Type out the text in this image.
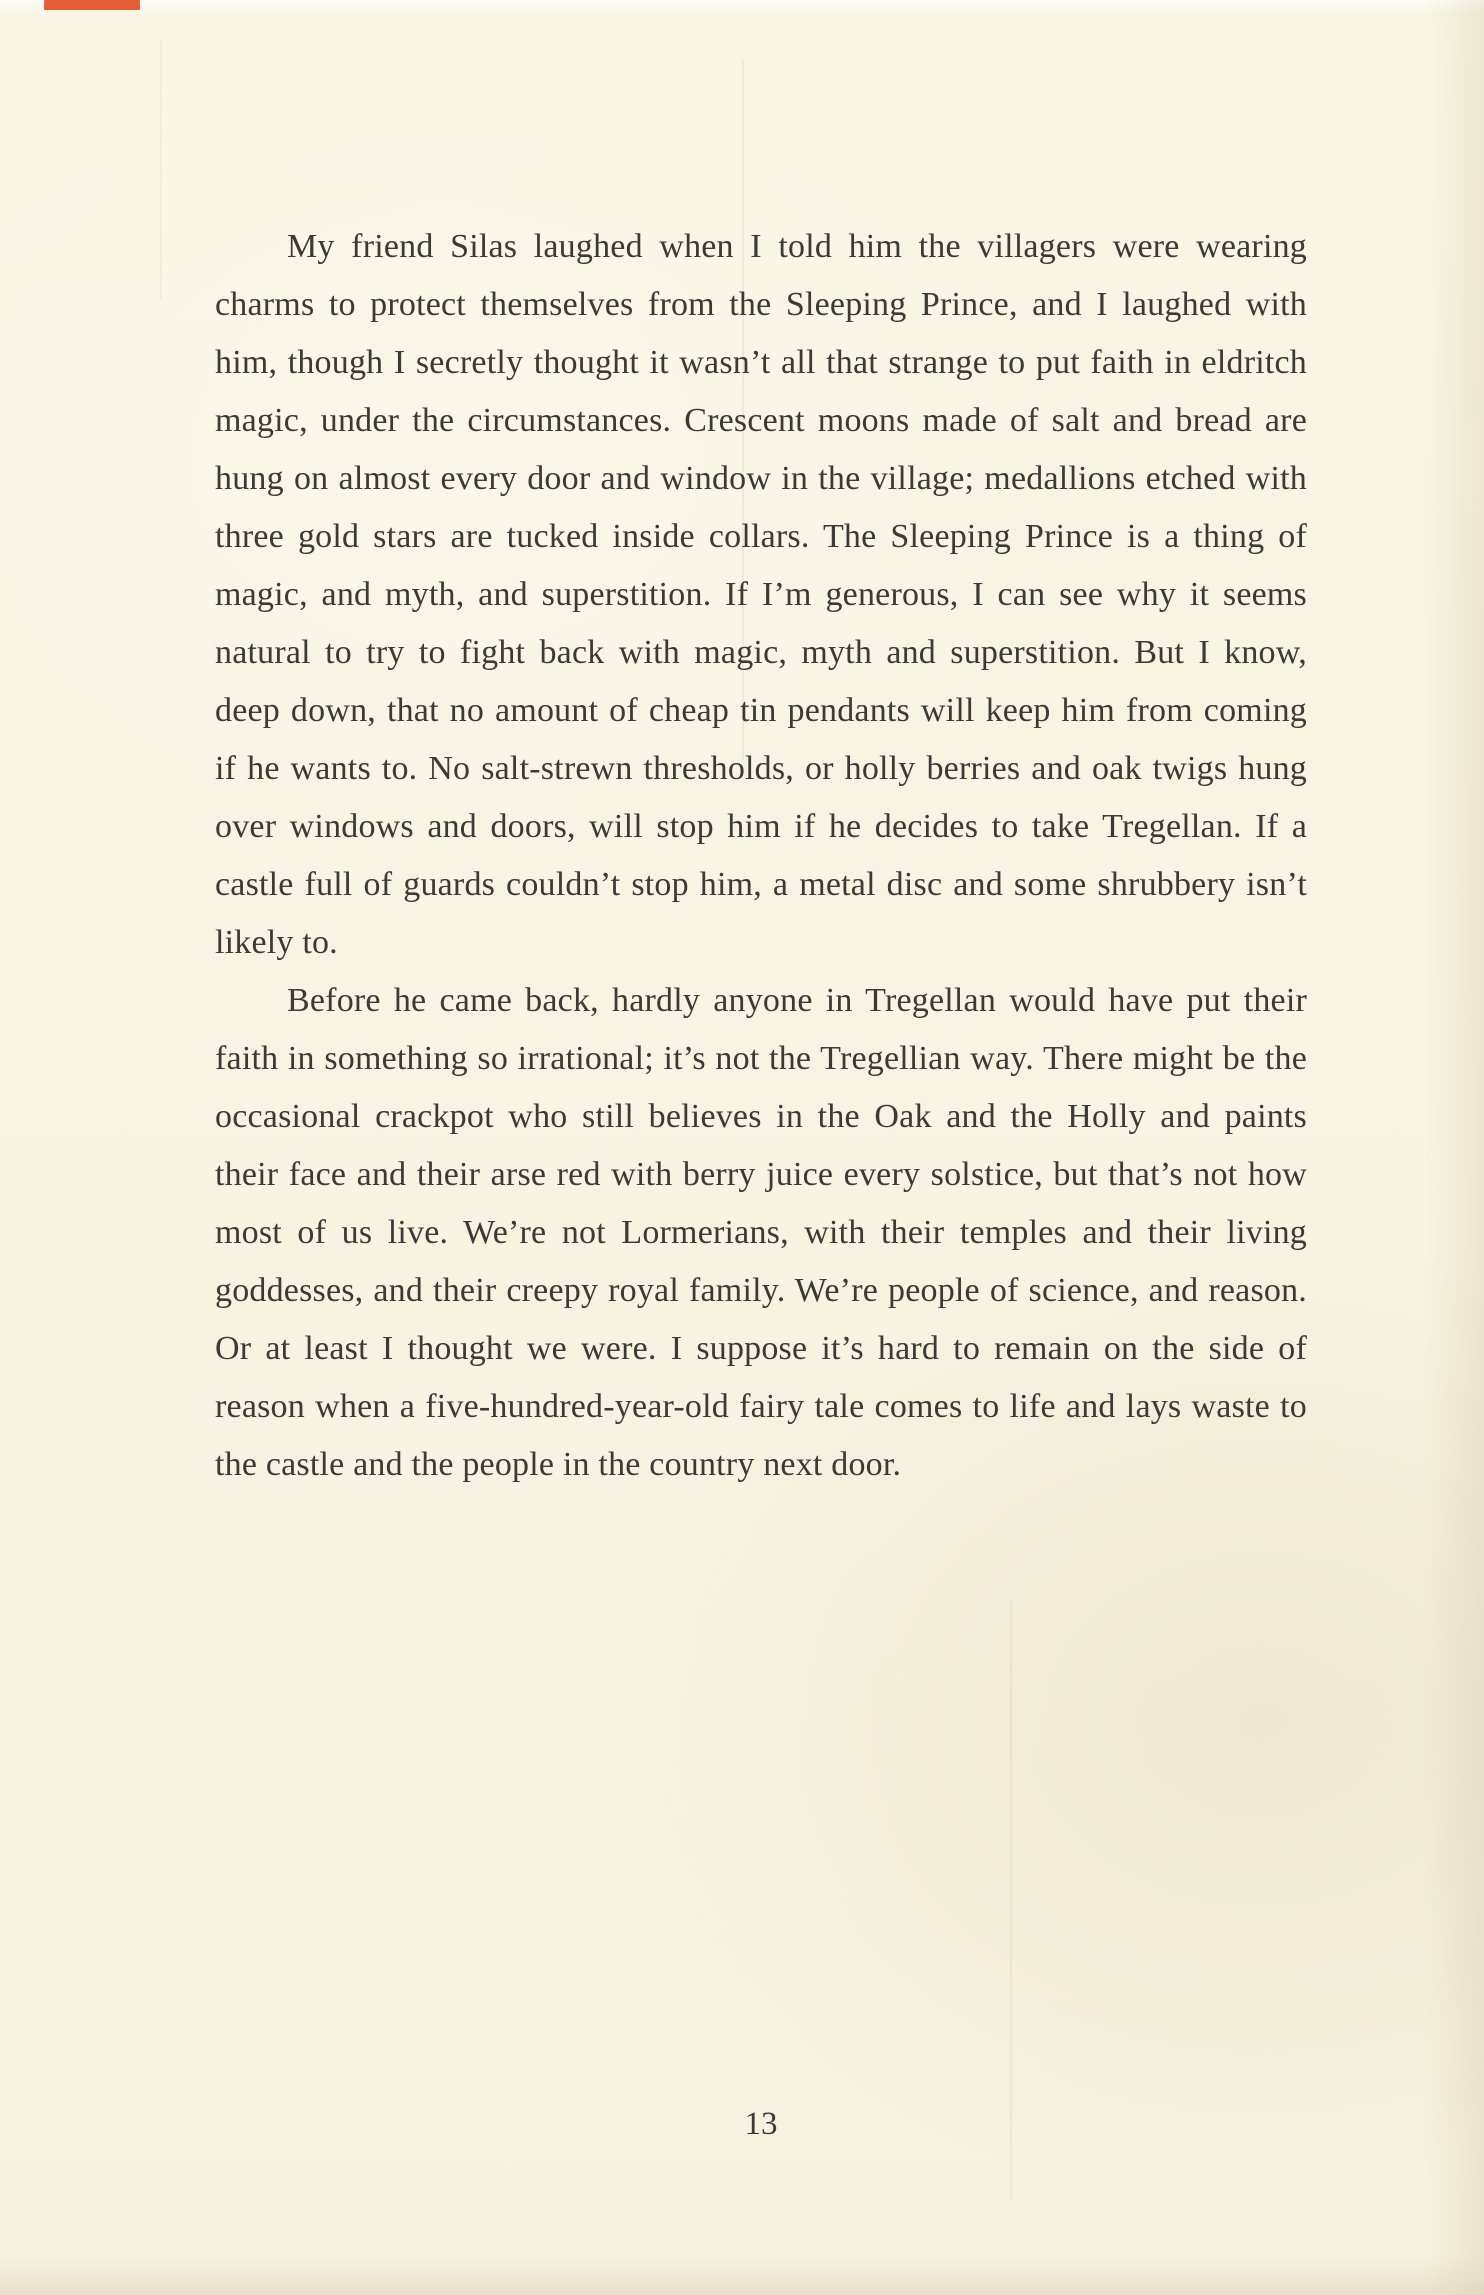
My friend Silas laughed when I told him the villagers were wearing charms to protect themselves from the Sleeping Prince, and I laughed with him, though I secretly thought it wasn’t all that strange to put faith in eldritch magic, under the circumstances. Crescent moons made of salt and bread are hung on almost every door and window in the village; medallions etched with three gold stars are tucked inside collars. The Sleeping Prince is a thing of magic, and myth, and superstition. If I’m generous, I can see why it seems natural to try to fight back with magic, myth and superstition. But I know, deep down, that no amount of cheap tin pendants will keep him from coming if he wants to. No salt-strewn thresholds, or holly berries and oak twigs hung over windows and doors, will stop him if he decides to take Tregellan. If a castle full of guards couldn’t stop him, a metal disc and some shrubbery isn’t likely to.

Before he came back, hardly anyone in Tregellan would have put their faith in something so irrational; it’s not the Tregellian way. There might be the occasional crackpot who still believes in the Oak and the Holly and paints their face and their arse red with berry juice every solstice, but that’s not how most of us live. We’re not Lormerians, with their temples and their living goddesses, and their creepy royal family. We’re people of science, and reason. Or at least I thought we were. I suppose it’s hard to remain on the side of reason when a five-hundred-year-old fairy tale comes to life and lays waste to the castle and the people in the country next door.

13
